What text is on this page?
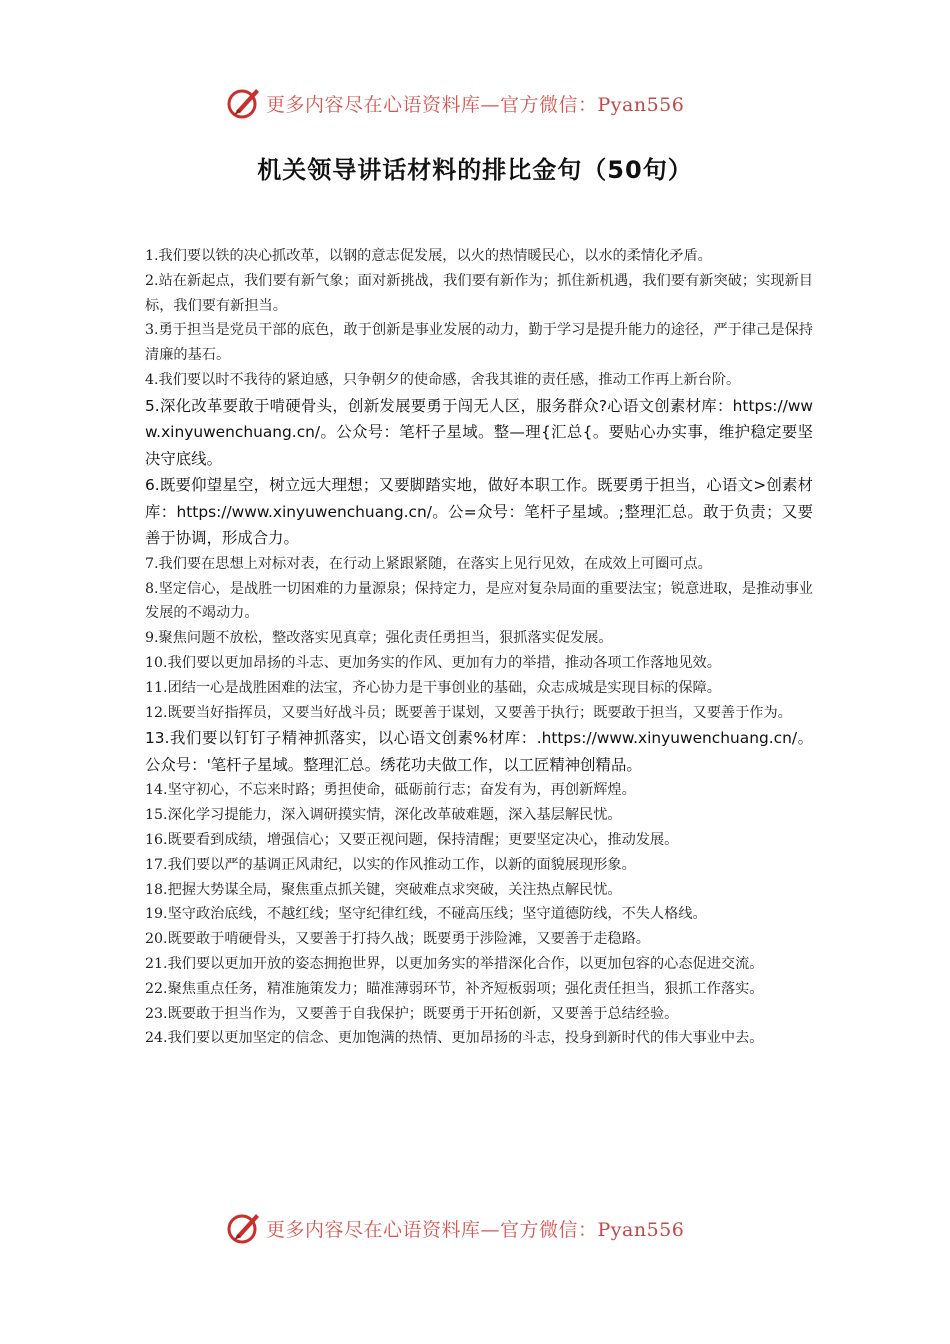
更多内容尽在心语资料库—官方微信：Pyan556
机关领导讲话材料的排比金句（50句）

1.我们要以铁的决心抓改革，以钢的意志促发展，以火的热情暖民心，以水的柔情化矛盾。

2.站在新起点，我们要有新气象；面对新挑战，我们要有新作为；抓住新机遇，我们要有新突破；实现新目标，我们要有新担当。

3.勇于担当是党员干部的底色，敢于创新是事业发展的动力，勤于学习是提升能力的途径，严于律己是保持清廉的基石。

4.我们要以时不我待的紧迫感，只争朝夕的使命感，舍我其谁的责任感，推动工作再上新台阶。

5.深化改革要敢于啃硬骨头，创新发展要勇于闯无人区，服务群众?心语文创素材库：https://www.xinyuwenchuang.cn/。公众号：笔杆子星域。整—理{汇总{。要贴心办实事，维护稳定要坚决守底线。

6.既要仰望星空，树立远大理想；又要脚踏实地，做好本职工作。既要勇于担当，心语文>创素材库：https://www.xinyuwenchuang.cn/。公=众号：笔杆子星域。;整理汇总。敢于负责；又要善于协调，形成合力。

7.我们要在思想上对标对表，在行动上紧跟紧随，在落实上见行见效，在成效上可圈可点。

8.坚定信心，是战胜一切困难的力量源泉；保持定力，是应对复杂局面的重要法宝；锐意进取，是推动事业发展的不竭动力。

9.聚焦问题不放松，整改落实见真章；强化责任勇担当，狠抓落实促发展。

10.我们要以更加昂扬的斗志、更加务实的作风、更加有力的举措，推动各项工作落地见效。

11.团结一心是战胜困难的法宝，齐心协力是干事创业的基础，众志成城是实现目标的保障。

12.既要当好指挥员，又要当好战斗员；既要善于谋划，又要善于执行；既要敢于担当，又要善于作为。

13.我们要以钉钉子精神抓落实，以心语文创素%材库：.https://www.xinyuwenchuang.cn/。公众号：'笔杆子星域。整理汇总。绣花功夫做工作，以工匠精神创精品。

14.坚守初心，不忘来时路；勇担使命，砥砺前行志；奋发有为，再创新辉煌。

15.深化学习提能力，深入调研摸实情，深化改革破难题，深入基层解民忧。

16.既要看到成绩，增强信心；又要正视问题，保持清醒；更要坚定决心，推动发展。

17.我们要以严的基调正风肃纪，以实的作风推动工作，以新的面貌展现形象。

18.把握大势谋全局，聚焦重点抓关键，突破难点求突破，关注热点解民忧。

19.坚守政治底线，不越红线；坚守纪律红线，不碰高压线；坚守道德防线，不失人格线。

20.既要敢于啃硬骨头，又要善于打持久战；既要勇于涉险滩，又要善于走稳路。

21.我们要以更加开放的姿态拥抱世界，以更加务实的举措深化合作，以更加包容的心态促进交流。

22.聚焦重点任务，精准施策发力；瞄准薄弱环节，补齐短板弱项；强化责任担当，狠抓工作落实。

23.既要敢于担当作为，又要善于自我保护；既要勇于开拓创新，又要善于总结经验。

24.我们要以更加坚定的信念、更加饱满的热情、更加昂扬的斗志，投身到新时代的伟大事业中去。

更多内容尽在心语资料库—官方微信：Pyan556
